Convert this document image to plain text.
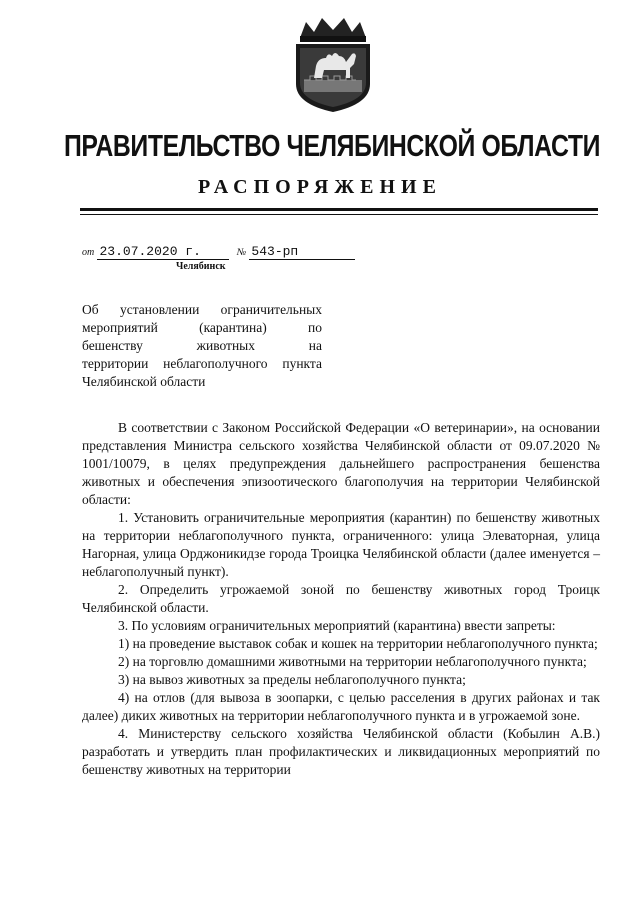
ПРАВИТЕЛЬСТВО ЧЕЛЯБИНСКОЙ ОБЛАСТИ
РАСПОРЯЖЕНИЕ
от 23.07.2020 г.	№ 543-рп
Челябинск
Об установлении ограничительных
мероприятий (карантина) по
бешенству животных на
территории неблагополучного пункта
Челябинской области

В соответствии с Законом Российской Федерации «О ветеринарии», на основании представления Министра сельского хозяйства Челябинской области от 09.07.2020 № 1001/10079, в целях предупреждения дальнейшего распространения бешенства животных и обеспечения эпизоотического благополучия на территории Челябинской области:

1. Установить ограничительные мероприятия (карантин) по бешенству животных на территории неблагополучного пункта, ограниченного: улица Элеваторная, улица Нагорная, улица Орджоникидзе города Троицка Челябинской области (далее именуется – неблагополучный пункт).

2. Определить угрожаемой зоной по бешенству животных город Троицк Челябинской области.

3. По условиям ограничительных мероприятий (карантина) ввести запреты:

1) на проведение выставок собак и кошек на территории неблагополучного пункта;

2) на торговлю домашними животными на территории неблагополучного пункта;

3) на вывоз животных за пределы неблагополучного пункта;

4) на отлов (для вывоза в зоопарки, с целью расселения в других районах и так далее) диких животных на территории неблагополучного пункта и в угрожаемой зоне.

4. Министерству сельского хозяйства Челябинской области (Кобылин А.В.) разработать и утвердить план профилактических и ликвидационных мероприятий по бешенству животных на территории
